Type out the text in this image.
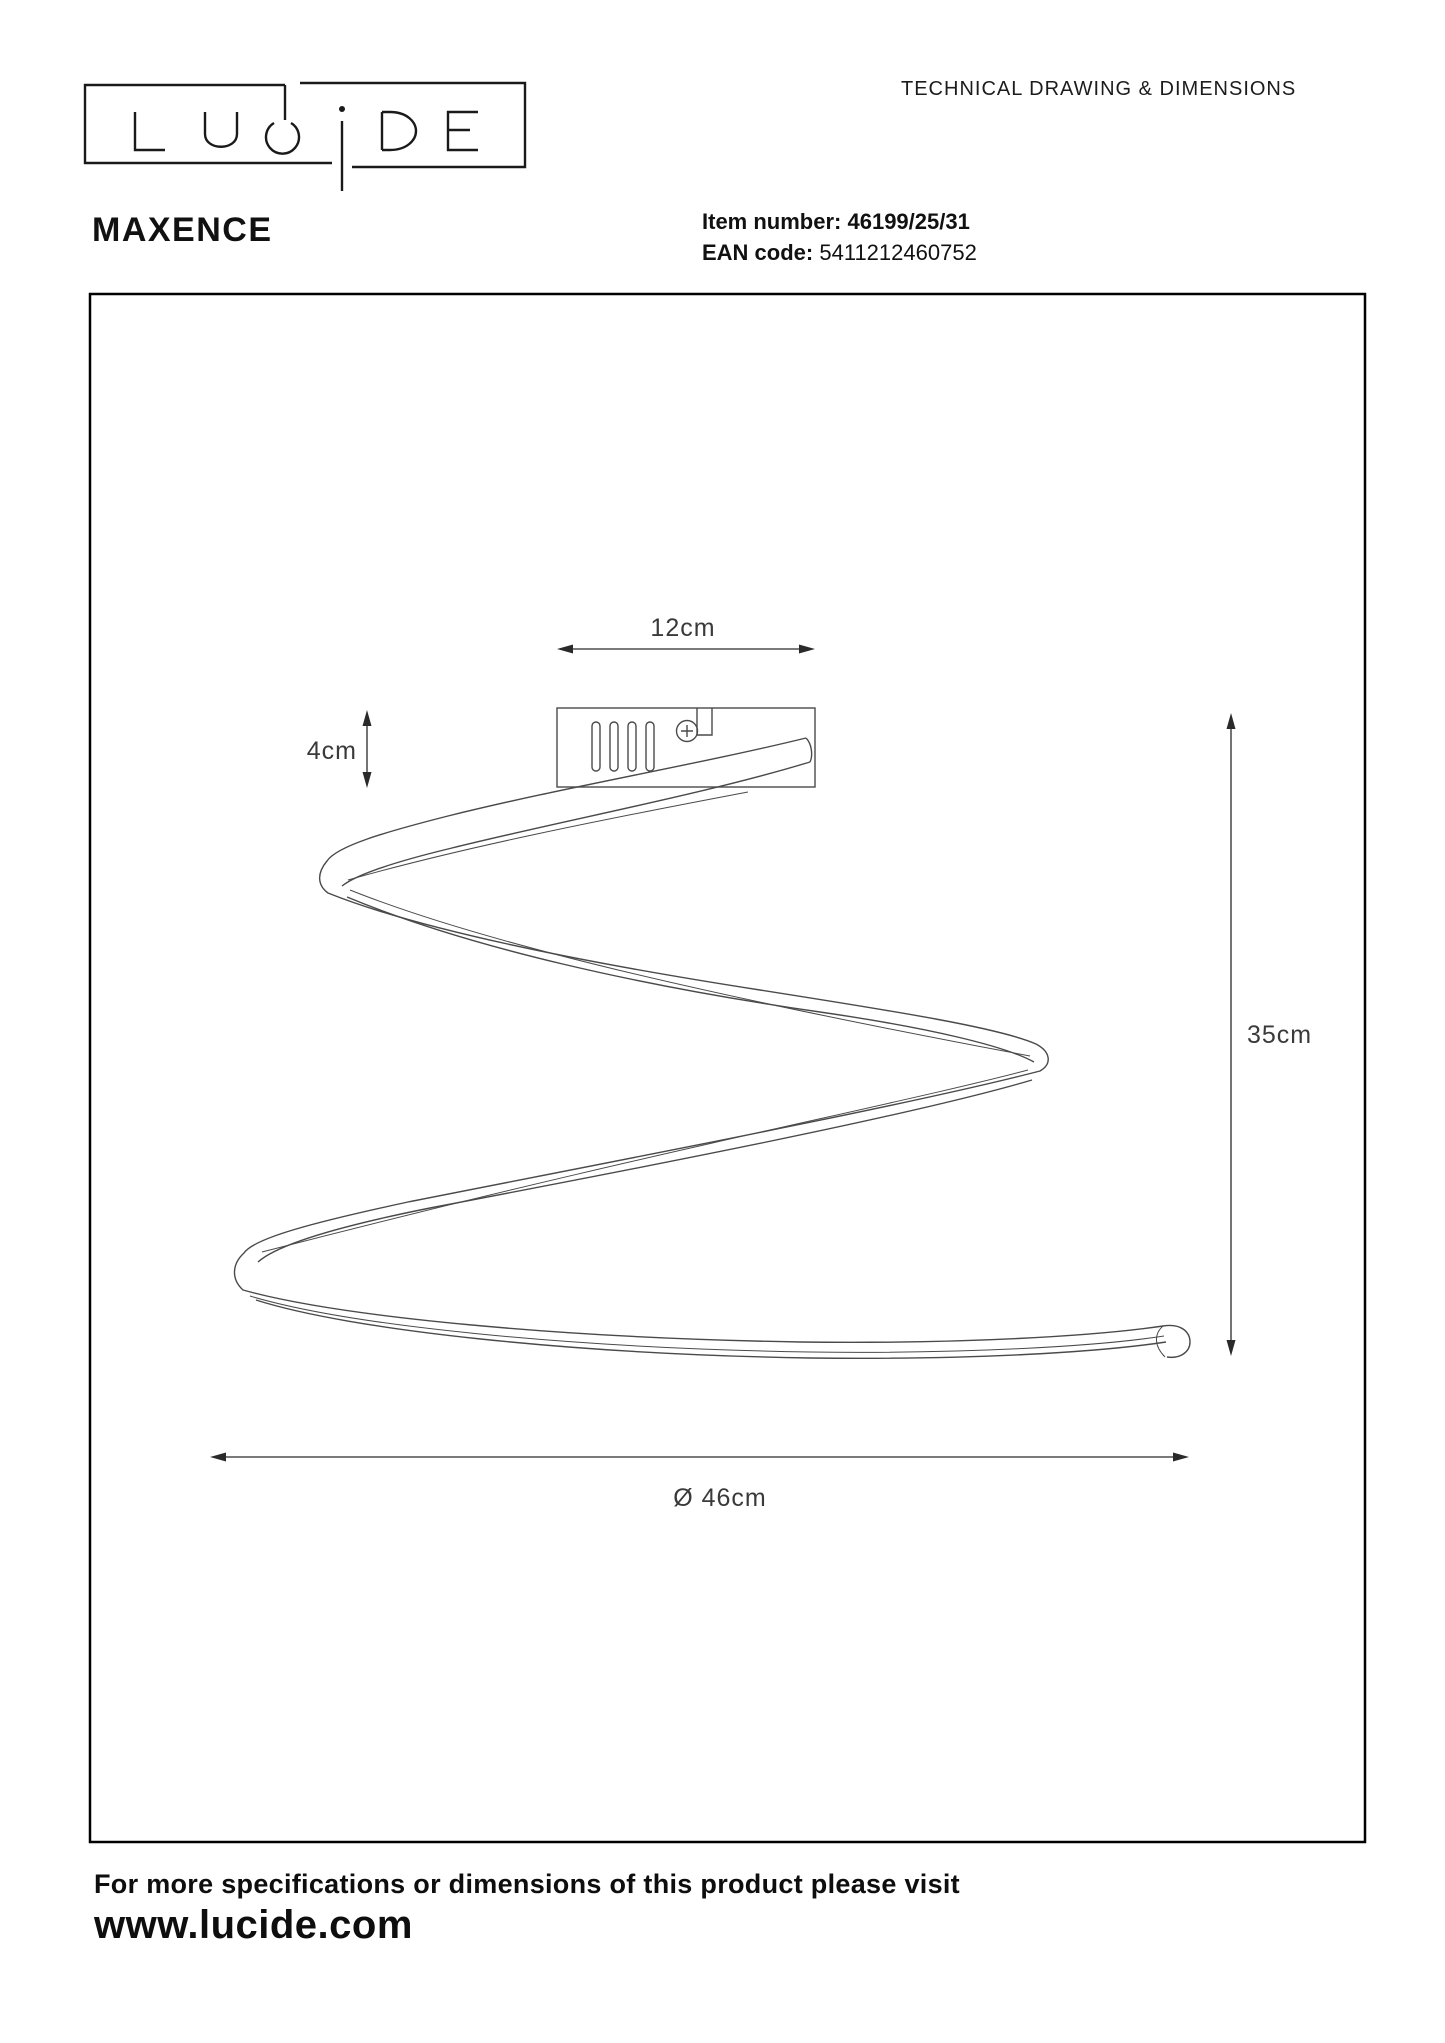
12cm
4cm
35cm
Ø 46cm
TECHNICAL DRAWING & DIMENSIONS
MAXENCE	Item number: 46199/25/31
EAN code: 5411212460752
For more specifications or dimensions of this product please visit
www.lucide.com
